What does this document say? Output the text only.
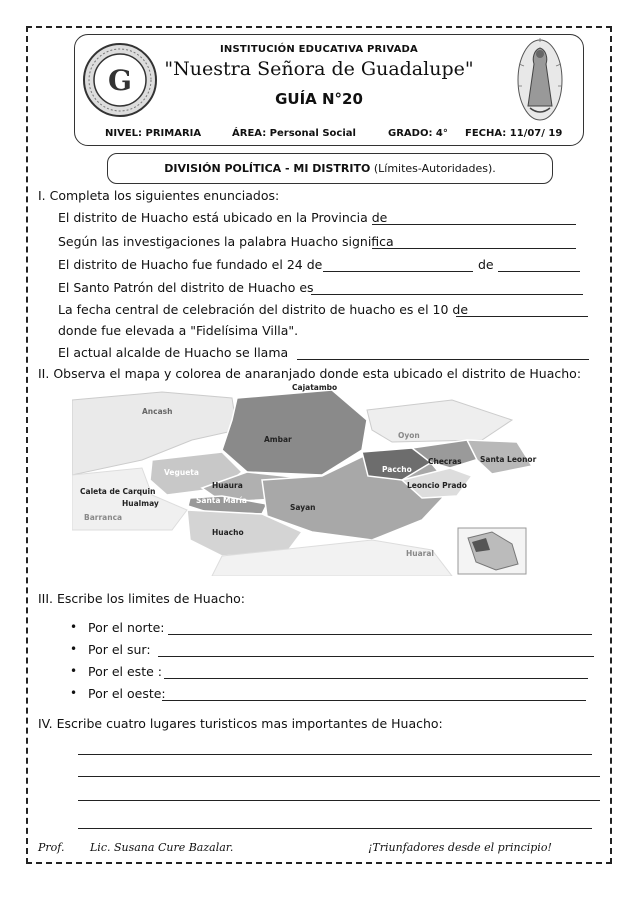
G
INSTITUCIÓN EDUCATIVA PRIVADA
"Nuestra Señora de Guadalupe"
GUÍA N°20
NIVEL: PRIMARIA	ÁREA: Personal Social	GRADO: 4° FECHA: 11/07/ 19
DIVISIÓN POLÍTICA - MI DISTRITO (Límites-Autoridades).
I. Completa los siguientes enunciados:
El distrito de Huacho está ubicado en la Provincia de
Según las investigaciones la palabra Huacho significa
El distrito de Huacho fue fundado el 24 de	de
El Santo Patrón del distrito de Huacho es
La fecha central de celebración del distrito de huacho es el 10 de
donde fue elevada a "Fidelísima Villa".
El actual alcalde de Huacho se llama
II. Observa el mapa y colorea de anaranjado donde esta ubicado el distrito de Huacho:
Cajatambo
Ancash
Ambar	Oyon
Vegueta
Huaura
Paccho
Checras Santa Leonor
Caleta de Carquin
Hualmay	Santa María
Leoncio Prado
Sayan
Barranca
Huacho
Huaral
III. Escribe los limites de Huacho:
• Por el norte:
• Por el sur:
• Por el este :
• Por el oeste:
IV. Escribe cuatro lugares turisticos mas importantes de Huacho:
Prof. Lic. Susana Cure Bazalar.	¡Triunfadores desde el principio!
